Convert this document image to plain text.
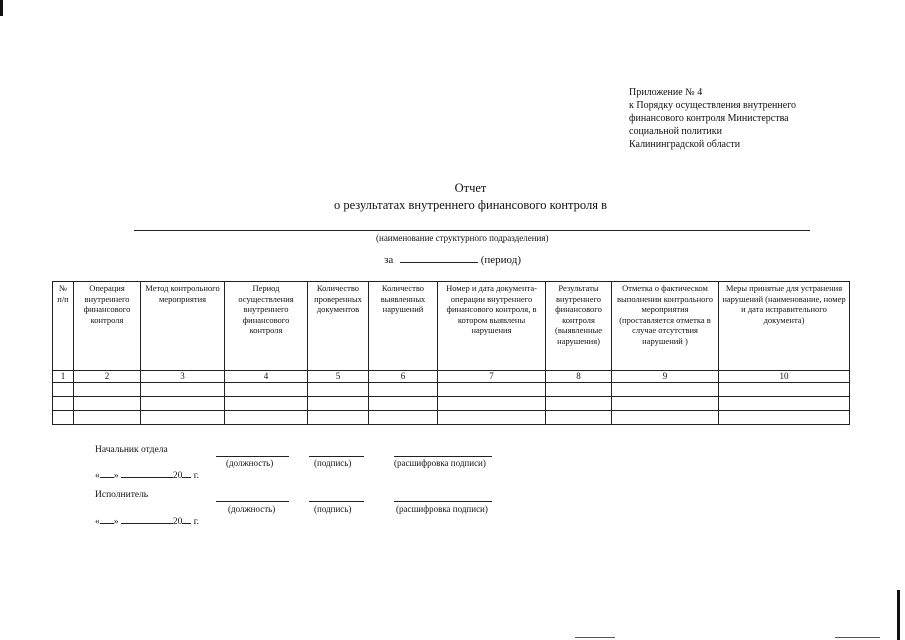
Приложение № 4
к Порядку осуществления внутреннего
финансового контроля Министерства
социальной политики
Калининградской области
Отчет
о результатах внутреннего финансового контроля в
(наименование структурного подразделения)
за	(период)
№ п/п	Операция внутреннего финансового контроля	Метод контрольного мероприятия	Период осуществления внутреннего финансового контроля	Количество проверенных документов	Количество выявленных нарушений	Номер и дата документа-операции внутреннего финансового контроля, в котором выявлены нарушения	Результаты внутреннего финансового контроля (выявленные нарушения)	Отметка о фактическом выполнении контрольного мероприятия (проставляется отметка в случае отсутствия нарушений )	Меры принятые для устранения нарушений (наименование, номер и дата исправительного документа)
1	2	3	4	5	6	7	8	9	10

Начальник отдела
(должность)	(подпись)	(расшифровка подписи)
« »	20 г.
Исполнитель
(должность)	(подпись)	(расшифровка подписи)
« »	20 г.
